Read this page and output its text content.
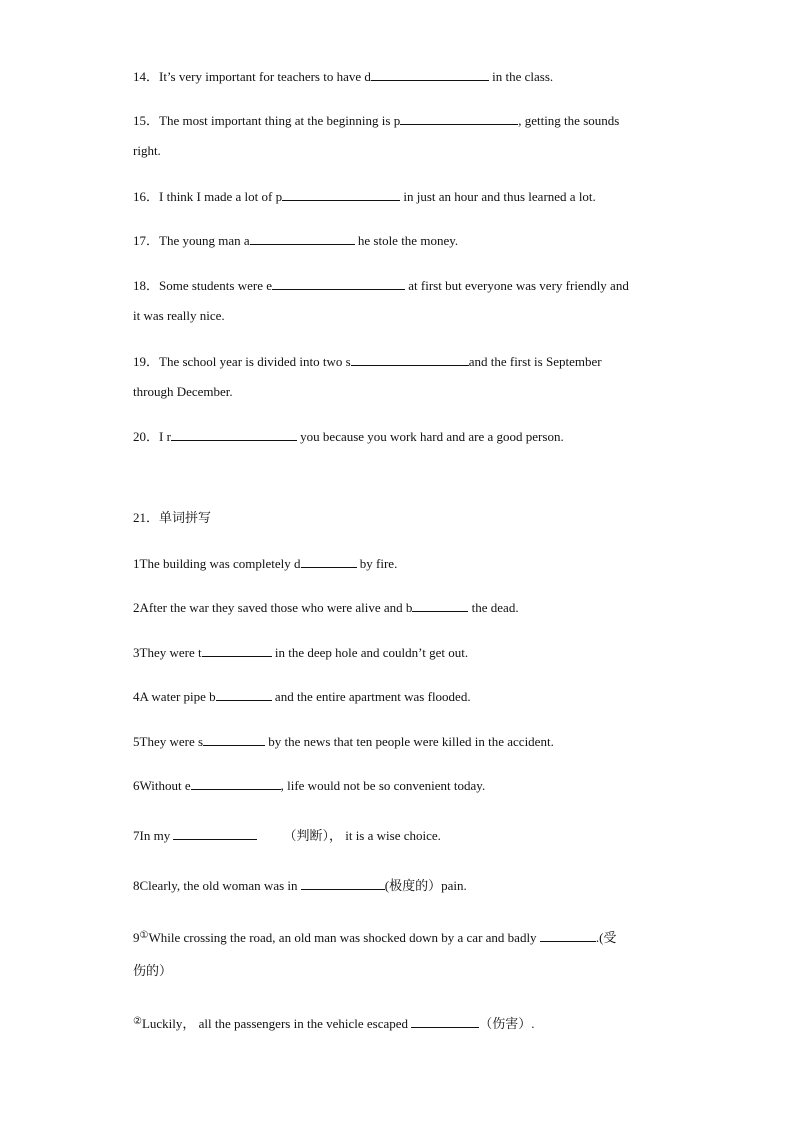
14．It’s very important for teachers to have d	in the class.
15．The most important thing at the beginning is p	, getting the sounds
right.
16．I think I made a lot of p	in just an hour and thus learned a lot.
17．The young man a	he stole the money.
18．Some students were e	at first but everyone was very friendly and
it was really nice.
19．The school year is divided into two s	and the first is September
through December.
20．I r	you because you work hard and are a good person.
21．单词拼写
1The building was completely d	by fire.
2After the war they saved those who were alive and b	the dead.
3They were t	in the deep hole and couldn’t get out.
4A water pipe b	and the entire apartment was flooded.
5They were s	by the news that ten people were killed in the accident.
6Without e	, life would not be so convenient today.
7In my	（判断）， it is a wise choice.
8Clearly, the old woman was in	(极度的）pain.
9①While crossing the road, an old man was shocked down by a car and badly	.(受
伤的）
②Luckily， all the passengers in the vehicle escaped	（伤害）.
